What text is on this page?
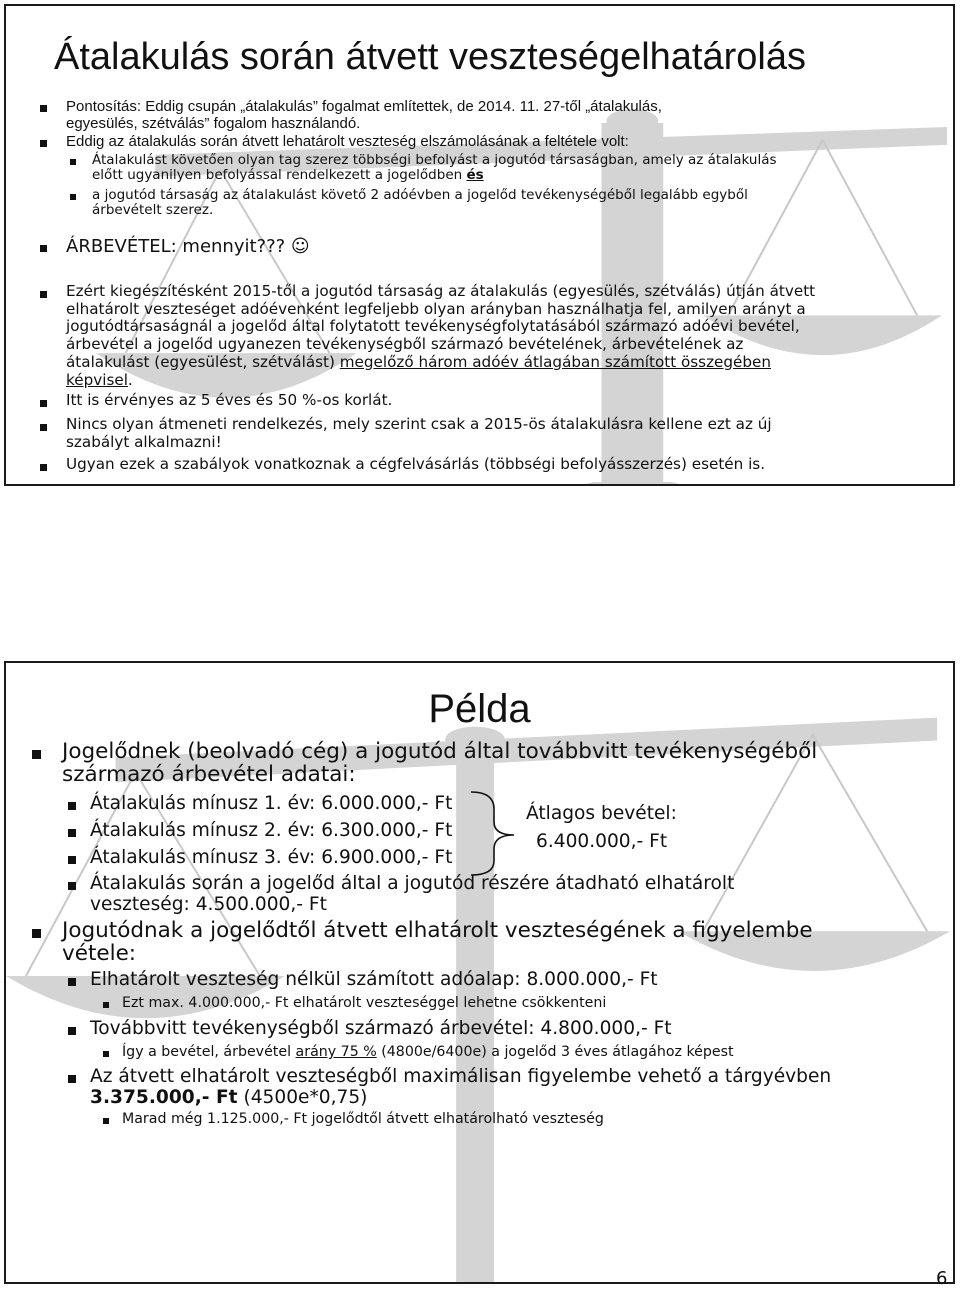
Átalakulás során átvett veszteségelhatárolás
Pontosítás: Eddig csupán „átalakulás” fogalmat említettek, de 2014. 11. 27-től „átalakulás,
egyesülés, szétválás” fogalom használandó.
Eddig az átalakulás során átvett lehatárolt veszteség elszámolásának a feltétele volt:
Átalakulást követően olyan tag szerez többségi befolyást a jogutód társaságban, amely az átalakulás
előtt ugyanilyen befolyással rendelkezett a jogelődben és
a jogutód társaság az átalakulást követő 2 adóévben a jogelőd tevékenységéből legalább egyből
árbevételt szerez.
ÁRBEVÉTEL: mennyit??? ☺
Ezért kiegészítésként 2015-től a jogutód társaság az átalakulás (egyesülés, szétválás) útján átvett
elhatárolt veszteséget adóévenként legfeljebb olyan arányban használhatja fel, amilyen arányt a
jogutódtársaságnál a jogelőd által folytatott tevékenységfolytatásából származó adóévi bevétel,
árbevétel a jogelőd ugyanezen tevékenységből származó bevételének, árbevételének az
átalakulást (egyesülést, szétválást) megelőző három adóév átlagában számított összegében
képvisel.
Itt is érvényes az 5 éves és 50 %-os korlát.
Nincs olyan átmeneti rendelkezés, mely szerint csak a 2015-ös átalakulásra kellene ezt az új
szabályt alkalmazni!
Ugyan ezek a szabályok vonatkoznak a cégfelvásárlás (többségi befolyásszerzés) esetén is.
Példa
Jogelődnek (beolvadó cég) a jogutód által továbbvitt tevékenységéből
származó árbevétel adatai:
Átalakulás mínusz 1. év: 6.000.000,- Ft
Átalakulás mínusz 2. év: 6.300.000,- Ft
Átalakulás mínusz 3. év: 6.900.000,- Ft
Átlagos bevétel:
6.400.000,- Ft
Átalakulás során a jogelőd által a jogutód részére átadható elhatárolt
veszteség: 4.500.000,- Ft
Jogutódnak a jogelődtől átvett elhatárolt veszteségének a figyelembe
vétele:
Elhatárolt veszteség nélkül számított adóalap: 8.000.000,- Ft
Ezt max. 4.000.000,- Ft elhatárolt veszteséggel lehetne csökkenteni
Továbbvitt tevékenységből származó árbevétel: 4.800.000,- Ft
Így a bevétel, árbevétel arány 75 % (4800e/6400e) a jogelőd 3 éves átlagához képest
Az átvett elhatárolt veszteségből maximálisan figyelembe vehető a tárgyévben
3.375.000,- Ft (4500e*0,75)
Marad még 1.125.000,- Ft jogelődtől átvett elhatárolható veszteség
6
